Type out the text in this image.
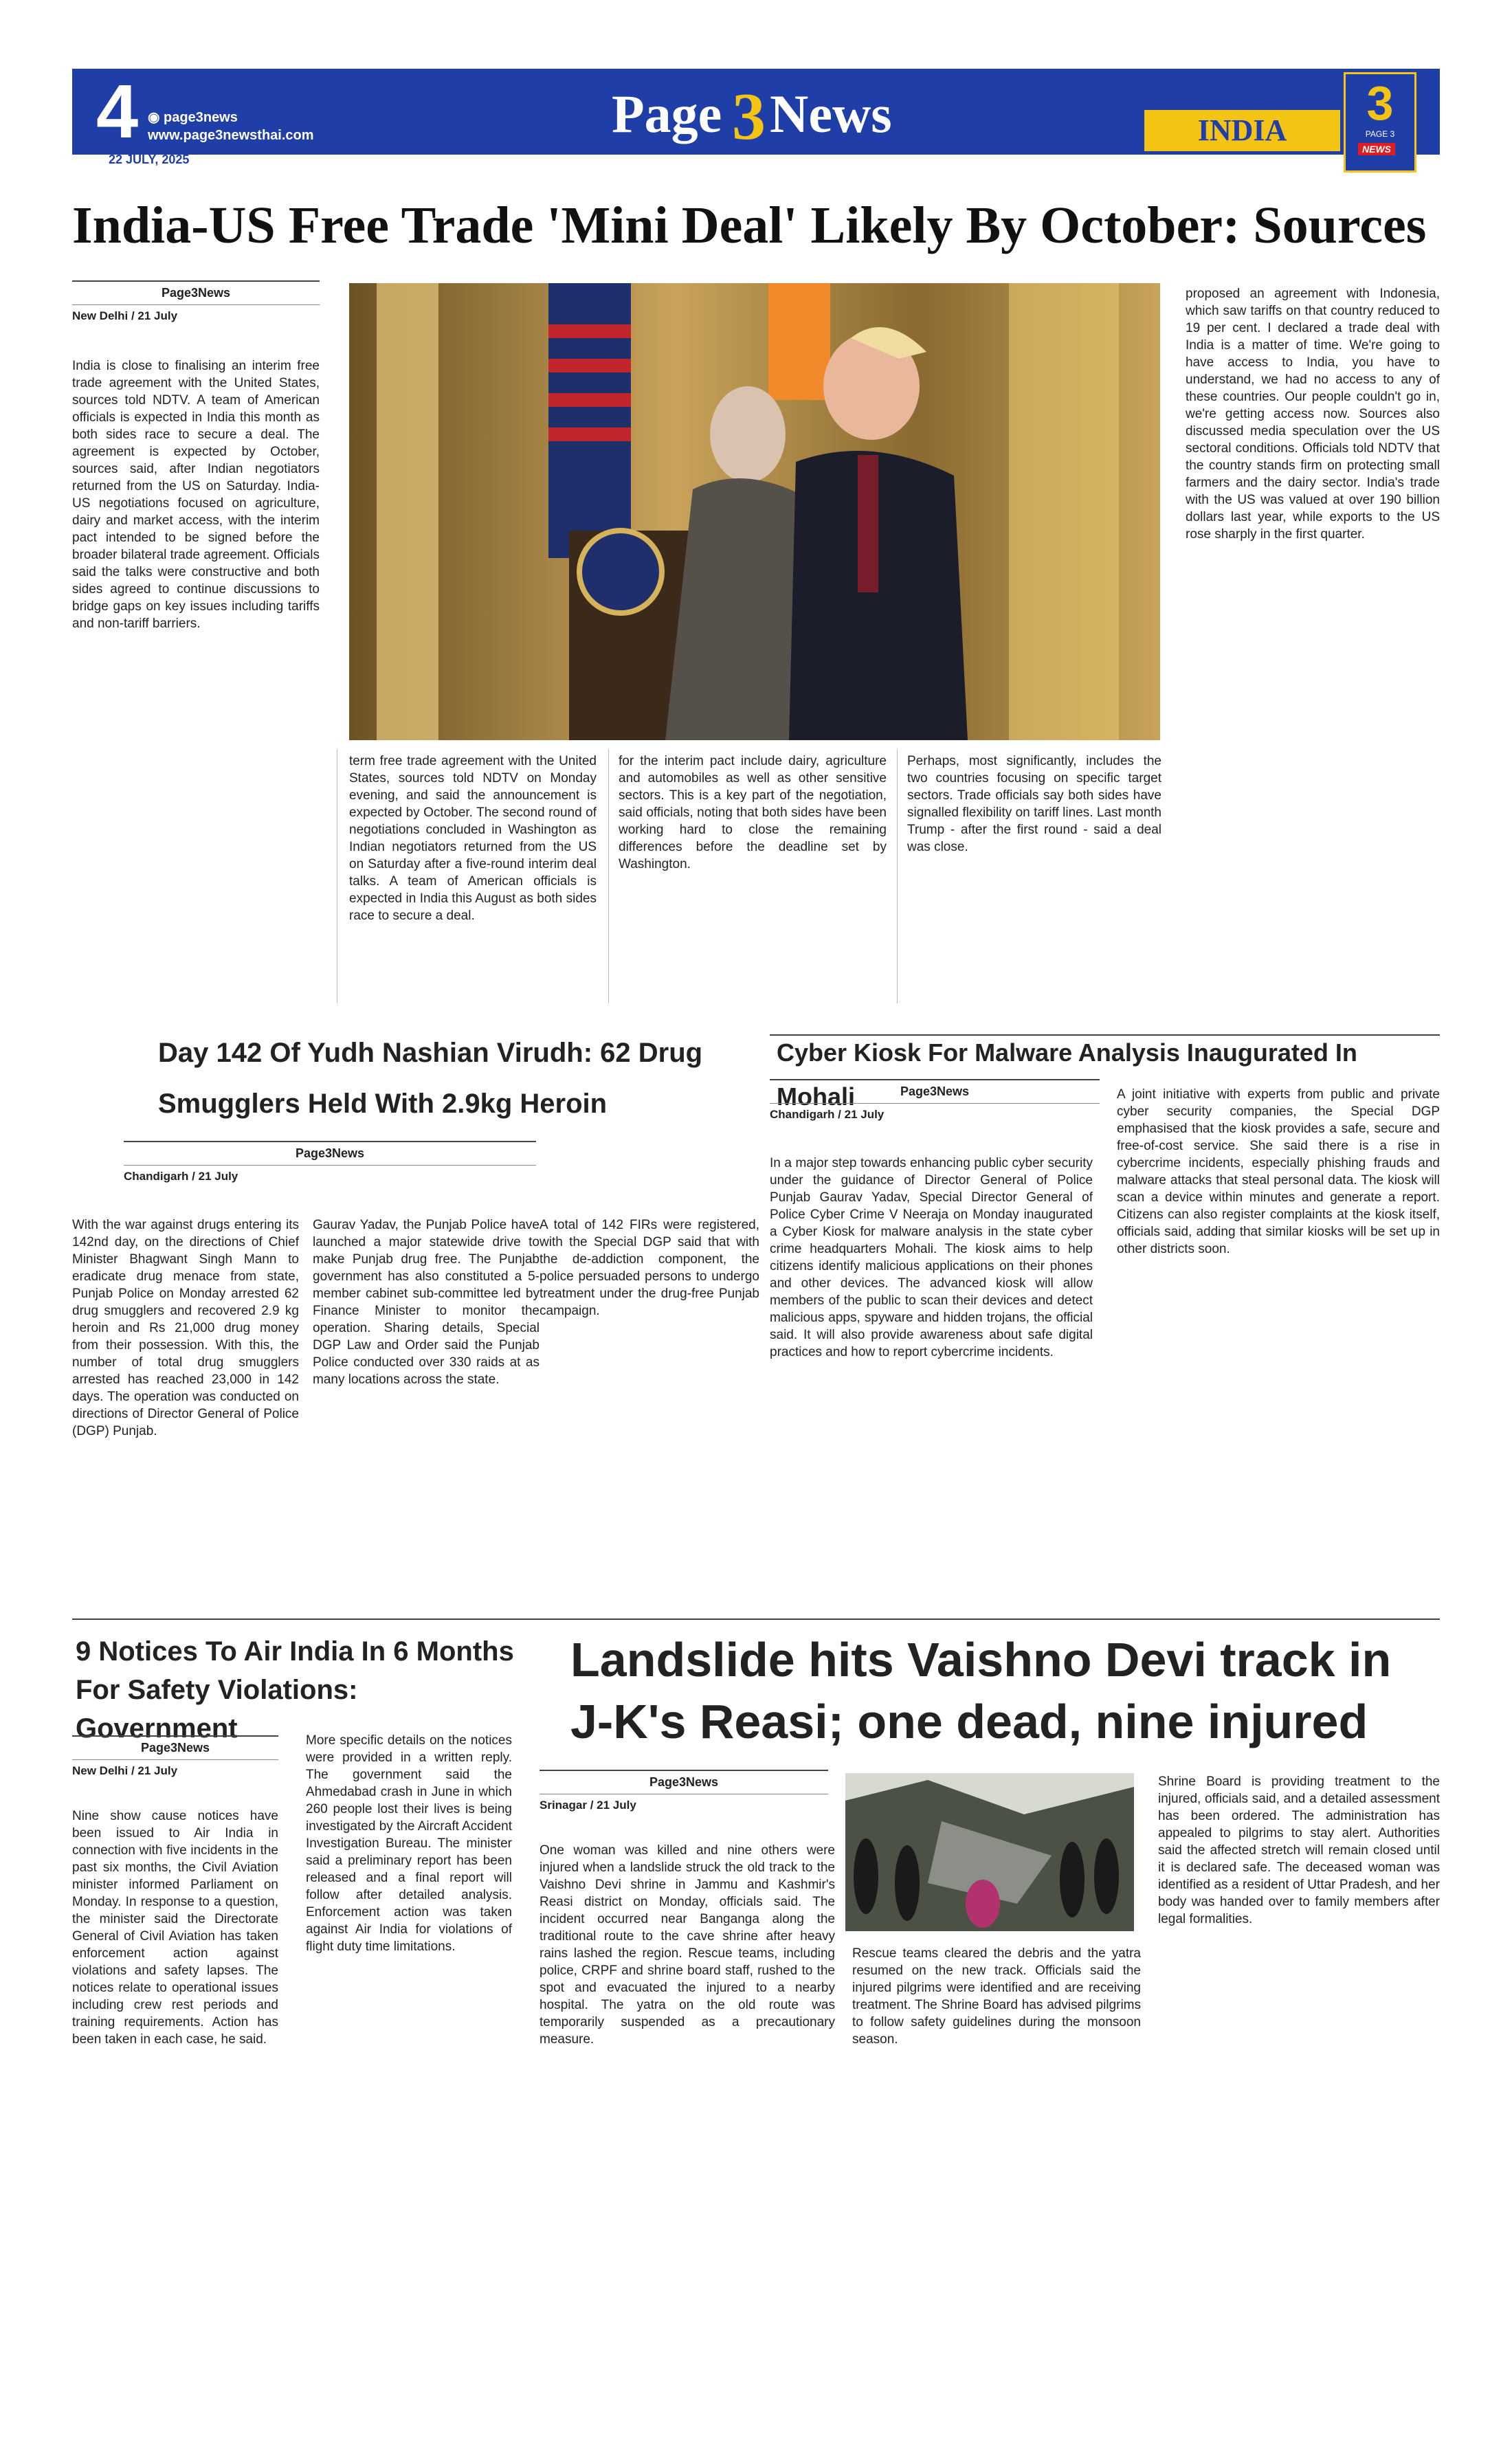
4 ◉ page3news
www.page3newsthai.com
22 JULY, 2025
Page 3 News	INDIA
3
PAGE 3
NEWS
India-US Free Trade 'Mini Deal' Likely By October: Sources
Page3News
New Delhi / 21 July
India is close to finalising an interim free trade agreement with the United States, sources told NDTV. A team of American officials is expected in India this month as both sides race to secure a deal. The agreement is expected by October, sources said, after Indian negotiators returned from the US on Saturday. India-US negotiations focused on agriculture, dairy and market access, with the interim pact intended to be signed before the broader bilateral trade agreement. Officials said the talks were constructive and both sides agreed to continue discussions to bridge gaps on key issues including tariffs and non-tariff barriers.
proposed an agreement with Indonesia, which saw tariffs on that country reduced to 19 per cent. I declared a trade deal with India is a matter of time. We're going to have access to India, you have to understand, we had no access to any of these countries. Our people couldn't go in, we're getting access now. Sources also discussed media speculation over the US sectoral conditions. Officials told NDTV that the country stands firm on protecting small farmers and the dairy sector. India's trade with the US was valued at over 190 billion dollars last year, while exports to the US rose sharply in the first quarter.
term free trade agreement with the United States, sources told NDTV on Monday evening, and said the announcement is expected by October. The second round of negotiations concluded in Washington as Indian negotiators returned from the US on Saturday after a five-round interim deal talks. A team of American officials is expected in India this August as both sides race to secure a deal.
for the interim pact include dairy, agriculture and automobiles as well as other sensitive sectors. This is a key part of the negotiation, said officials, noting that both sides have been working hard to close the remaining differences before the deadline set by Washington.
Perhaps, most significantly, includes the two countries focusing on specific target sectors. Trade officials say both sides have signalled flexibility on tariff lines. Last month Trump - after the first round - said a deal was close.
Day 142 Of Yudh Nashian Virudh: 62 Drug Smugglers Held With 2.9kg Heroin
Page3News
Chandigarh / 21 July
With the war against drugs entering its 142nd day, on the directions of Chief Minister Bhagwant Singh Mann to eradicate drug menace from state, Punjab Police on Monday arrested 62 drug smugglers and recovered 2.9 kg heroin and Rs 21,000 drug money from their possession. With this, the number of total drug smugglers arrested has reached 23,000 in 142 days. The operation was conducted on directions of Director General of Police (DGP) Punjab.
Gaurav Yadav, the Punjab Police have launched a major statewide drive to make Punjab drug free. The Punjab government has also constituted a 5-member cabinet sub-committee led by Finance Minister to monitor the operation. Sharing details, Special DGP Law and Order said the Punjab Police conducted over 330 raids at as many locations across the state.
A total of 142 FIRs were registered, with the Special DGP said that with the de-addiction component, the police persuaded persons to undergo treatment under the drug-free Punjab campaign.
Cyber Kiosk For Malware Analysis Inaugurated In Mohali	Page3News
Chandigarh / 21 July
In a major step towards enhancing public cyber security under the guidance of Director General of Police Punjab Gaurav Yadav, Special Director General of Police Cyber Crime V Neeraja on Monday inaugurated a Cyber Kiosk for malware analysis in the state cyber crime headquarters Mohali. The kiosk aims to help citizens identify malicious applications on their phones and other devices. The advanced kiosk will allow members of the public to scan their devices and detect malicious apps, spyware and hidden trojans, the official said. It will also provide awareness about safe digital practices and how to report cybercrime incidents.
A joint initiative with experts from public and private cyber security companies, the Special DGP emphasised that the kiosk provides a safe, secure and free-of-cost service. She said there is a rise in cybercrime incidents, especially phishing frauds and malware attacks that steal personal data. The kiosk will scan a device within minutes and generate a report. Citizens can also register complaints at the kiosk itself, officials said, adding that similar kiosks will be set up in other districts soon.
9 Notices To Air India In 6 Months
For Safety Violations: Government
Page3News
New Delhi / 21 July
Nine show cause notices have been issued to Air India in connection with five incidents in the past six months, the Civil Aviation minister informed Parliament on Monday. In response to a question, the minister said the Directorate General of Civil Aviation has taken enforcement action against violations and safety lapses. The notices relate to operational issues including crew rest periods and training requirements. Action has been taken in each case, he said.
More specific details on the notices were provided in a written reply. The government said the Ahmedabad crash in June in which 260 people lost their lives is being investigated by the Aircraft Accident Investigation Bureau. The minister said a preliminary report has been released and a final report will follow after detailed analysis. Enforcement action was taken against Air India for violations of flight duty time limitations.
Landslide hits Vaishno Devi track in
J-K's Reasi; one dead, nine injured
Page3News
Srinagar / 21 July
One woman was killed and nine others were injured when a landslide struck the old track to the Vaishno Devi shrine in Jammu and Kashmir's Reasi district on Monday, officials said. The incident occurred near Banganga along the traditional route to the cave shrine after heavy rains lashed the region. Rescue teams, including police, CRPF and shrine board staff, rushed to the spot and evacuated the injured to a nearby hospital. The yatra on the old route was temporarily suspended as a precautionary measure.
Rescue teams cleared the debris and the yatra resumed on the new track. Officials said the injured pilgrims were identified and are receiving treatment. The Shrine Board has advised pilgrims to follow safety guidelines during the monsoon season.
Shrine Board is providing treatment to the injured, officials said, and a detailed assessment has been ordered. The administration has appealed to pilgrims to stay alert. Authorities said the affected stretch will remain closed until it is declared safe. The deceased woman was identified as a resident of Uttar Pradesh, and her body was handed over to family members after legal formalities.
